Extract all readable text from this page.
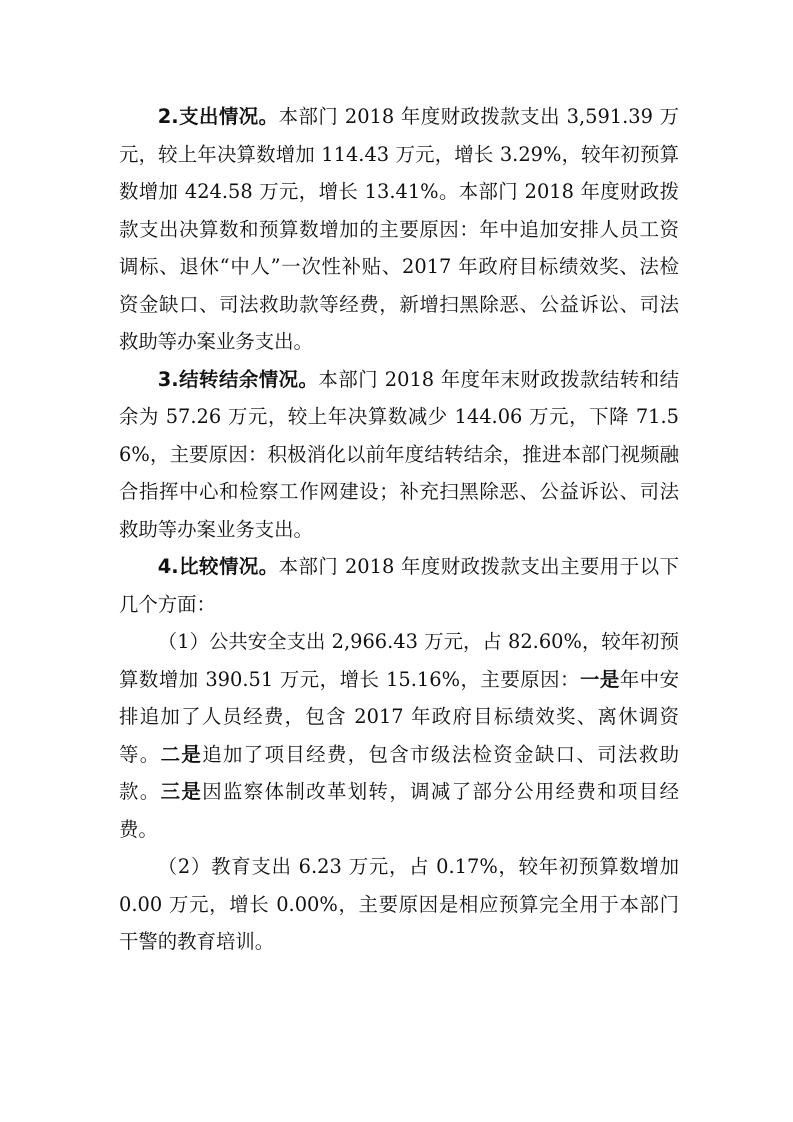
2.支出情况。本部门 2018 年度财政拨款支出 3,591.39 万元，较上年决算数增加 114.43 万元，增长 3.29%，较年初预算数增加 424.58 万元，增长 13.41%。本部门 2018 年度财政拨款支出决算数和预算数增加的主要原因：年中追加安排人员工资调标、退休“中人”一次性补贴、2017 年政府目标绩效奖、法检资金缺口、司法救助款等经费，新增扫黑除恶、公益诉讼、司法救助等办案业务支出。

3.结转结余情况。本部门 2018 年度年末财政拨款结转和结余为 57.26 万元，较上年决算数减少 144.06 万元，下降 71.56%，主要原因：积极消化以前年度结转结余，推进本部门视频融合指挥中心和检察工作网建设；补充扫黑除恶、公益诉讼、司法救助等办案业务支出。

4.比较情况。本部门 2018 年度财政拨款支出主要用于以下几个方面：

（1）公共安全支出 2,966.43 万元，占 82.60%，较年初预算数增加 390.51 万元，增长 15.16%，主要原因：一是年中安排追加了人员经费，包含 2017 年政府目标绩效奖、离休调资等。二是追加了项目经费，包含市级法检资金缺口、司法救助款。三是因监察体制改革划转，调减了部分公用经费和项目经费。

（2）教育支出 6.23 万元，占 0.17%，较年初预算数增加 0.00 万元，增长 0.00%，主要原因是相应预算完全用于本部门干警的教育培训。
